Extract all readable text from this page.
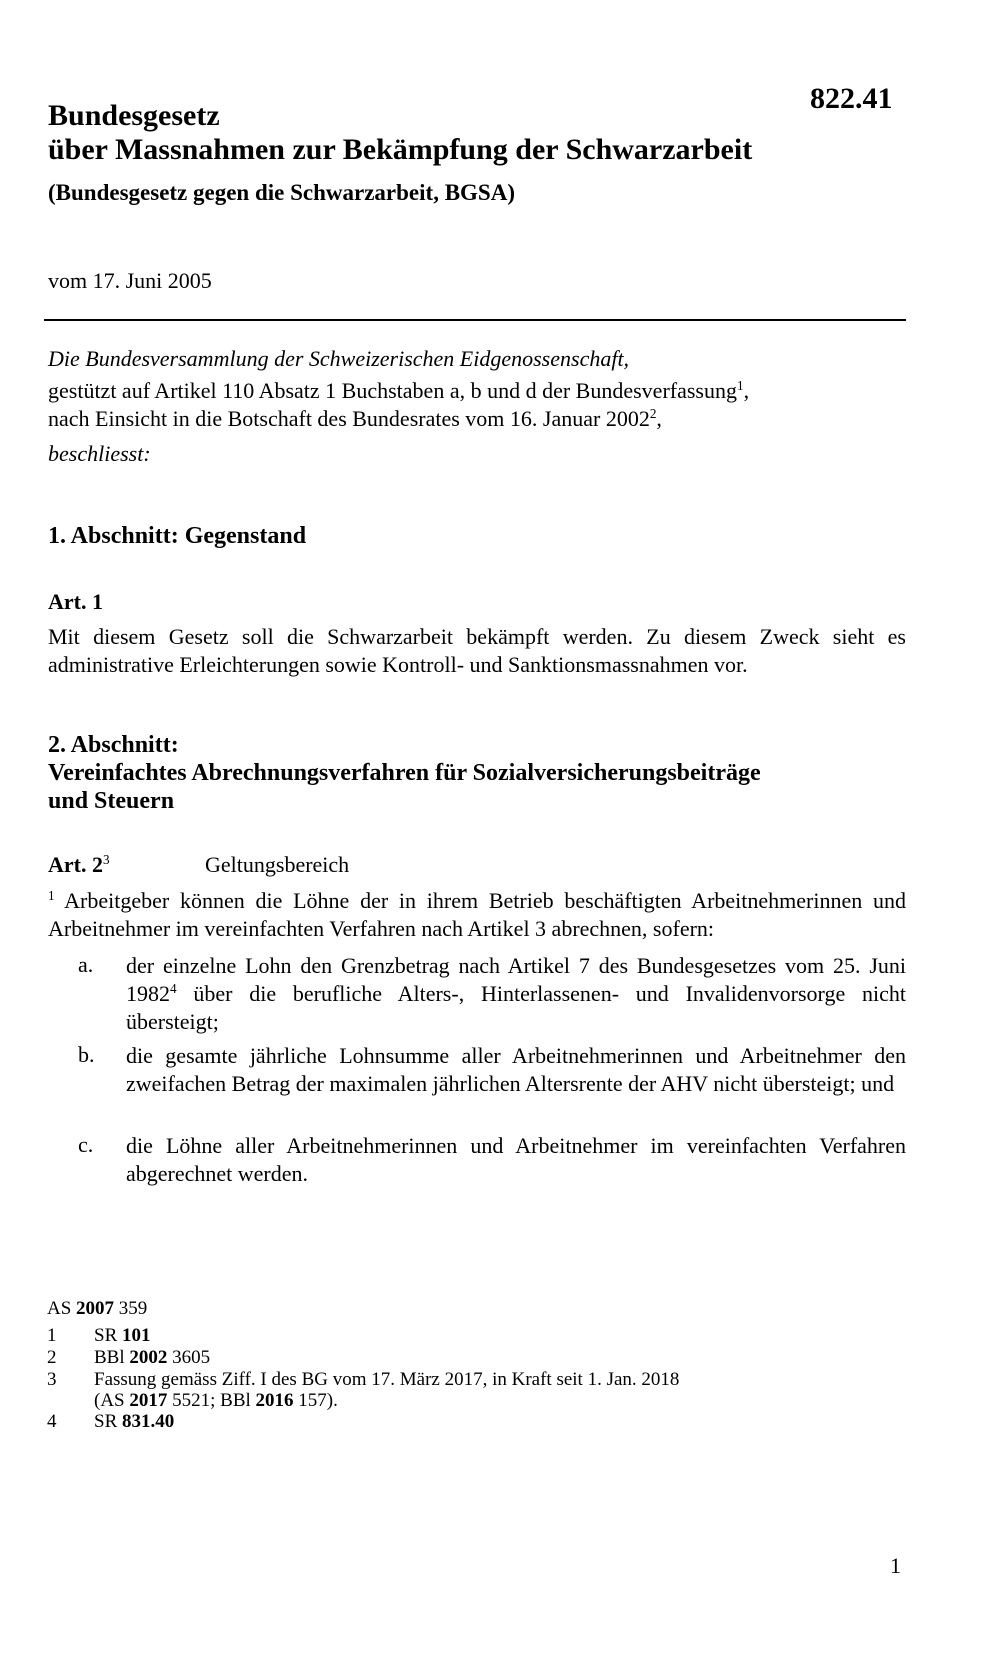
822.41
Bundesgesetz
über Massnahmen zur Bekämpfung der Schwarzarbeit
(Bundesgesetz gegen die Schwarzarbeit, BGSA)
vom 17. Juni 2005
Die Bundesversammlung der Schweizerischen Eidgenossenschaft,
gestützt auf Artikel 110 Absatz 1 Buchstaben a, b und d der Bundesverfassung$^1$,
nach Einsicht in die Botschaft des Bundesrates vom 16. Januar 2002$^2$,
beschliesst:
1. Abschnitt: Gegenstand
Art. 1
Mit diesem Gesetz soll die Schwarzarbeit bekämpft werden. Zu diesem Zweck sieht es administrative Erleichterungen sowie Kontroll- und Sanktionsmassnahmen vor.
2. Abschnitt:
Vereinfachtes Abrechnungsverfahren für Sozialversicherungsbeiträge
und Steuern
Art. $2^3$	Geltungsbereich
$^1$ Arbeitgeber können die Löhne der in ihrem Betrieb beschäftigten Arbeitnehmerinnen und Arbeitnehmer im vereinfachten Verfahren nach Artikel 3 abrechnen, sofern:
a. der einzelne Lohn den Grenzbetrag nach Artikel 7 des Bundesgesetzes vom 25. Juni 1982$^4$ über die berufliche Alters-, Hinterlassenen- und Invalidenvorsorge nicht übersteigt;
b. die gesamte jährliche Lohnsumme aller Arbeitnehmerinnen und Arbeitnehmer den zweifachen Betrag der maximalen jährlichen Altersrente der AHV nicht übersteigt; und
c. die Löhne aller Arbeitnehmerinnen und Arbeitnehmer im vereinfachten Verfahren abgerechnet werden.
AS 2007 359
1 SR 101
2 BBl 2002 3605
3 Fassung gemäss Ziff. I des BG vom 17. März 2017, in Kraft seit 1. Jan. 2018
(AS 2017 5521; BBl 2016 157).
4 SR 831.40
1
